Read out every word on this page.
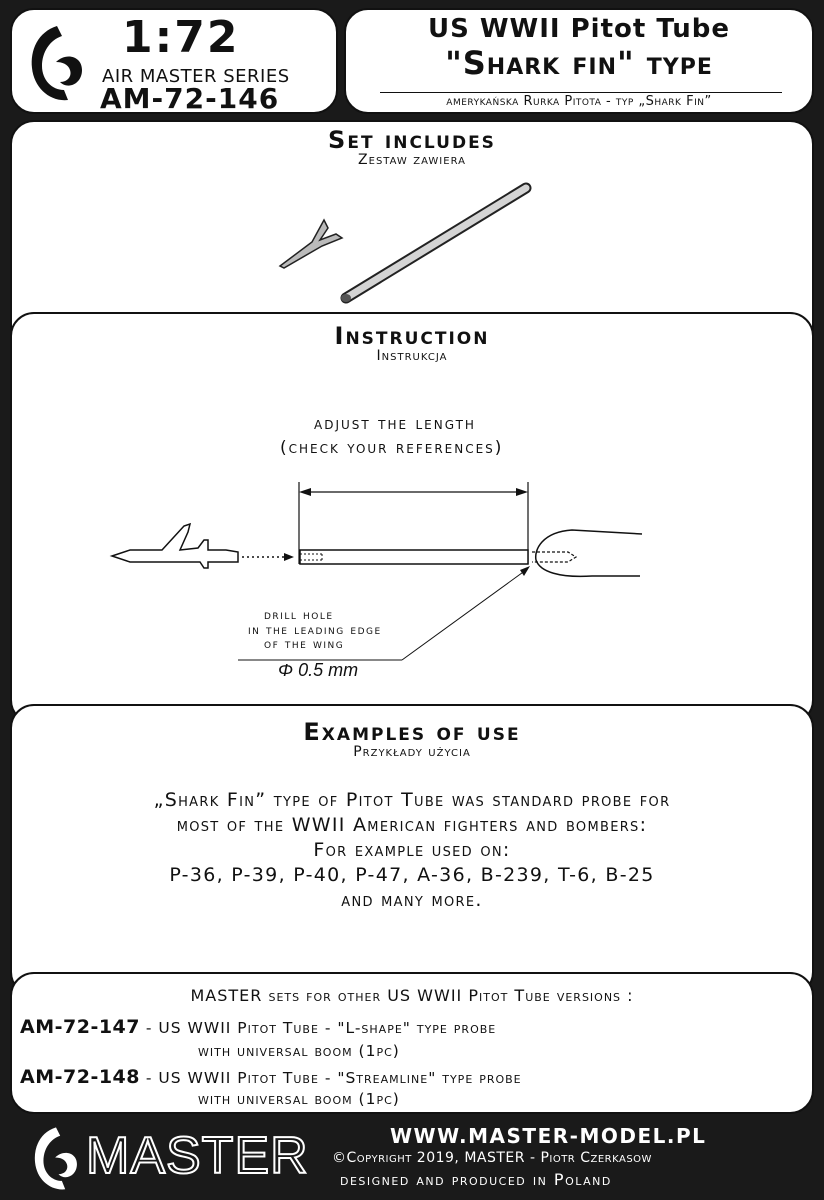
1:72
AIR MASTER SERIES
AM-72-146
US WWII Pitot Tube
"Shark fin" type
amerykańska Rurka Pitota - typ „Shark Fin”
Set includes
Zestaw zawiera
Instruction
Instrukcja
adjust the length
(check your references)
drill hole
in the leading edge
of the wing
Φ 0.5 mm
Examples of use
Przykłady użycia
„Shark Fin” type of Pitot Tube was standard probe for
most of the WWII American fighters and bombers:
For example used on:
P-36, P-39, P-40, P-47, A-36, B-239, T-6, B-25
and many more.
MASTER sets for other US WWII Pitot Tube versions :
AM-72-147 - US WWII Pitot Tube - "L-shape" type probe
with universal boom (1pc)
AM-72-148 - US WWII Pitot Tube - "Streamline" type probe
with universal boom (1pc)
MASTER	WWW.MASTER-MODEL.PL
©Copyright 2019, MASTER - Piotr Czerkasow
designed and produced in Poland
